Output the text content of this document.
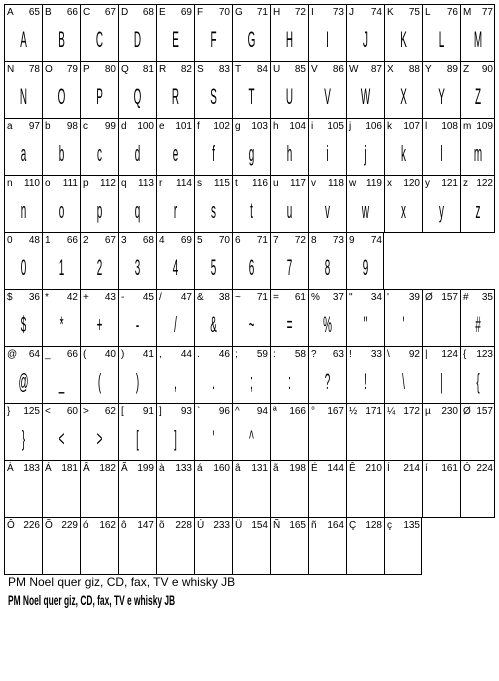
A 65
A
B 66
B
C 67
C
D 68
D
E 69
E
F 70
F
G 71
G
H 72
H
I 73
I
J 74
J
K 75
K
L 76
L
M 77
M
N 78
N
O 79
O
P 80
P
Q 81
Q
R 82
R
S 83
S
T 84
T
U 85
U
V 86
V
W 87
W
X 88
X
Y 89
Y
Z 90
Z
a 97
a
b 98
b
c 99
c
d 100
d
e 101
e
f 102
f
g 103
g
h 104
h
i 105
i
j 106
j
k 107
k
l 108
l
m 109
m
n 110
n
o 111
o
p 112
p
q 113
q
r 114
r
s 115
s
t 116
t
u 117
u
v 118
v
w 119
w
x 120
x
y 121
y
z 122
z
0 48
0
1 66
1
2 67
2
3 68
3
4 69
4
5 70
5
6 71
6
7 72
7
8 73
8
9 74
9
$ 36
$
* 42
*
+ 43
+
- 45
-
/ 47
/
& 38
&
~ 71
~
= 61
=
% 37
%
" 34
"
' 39
'
Ø 157 # 35
#
@ 64
@
_ 66
_
( 40
(
) 41
)
, 44
,
. 46
.
; 59
;
: 58
:
? 63
?
! 33
!
\ 92
\
| 124
|
{ 123
{
} 125
}
< 60
<
> 62
>
[ 91
[
] 93
]
` 96
'
^ 94
^
ª 166 ° 167 ½ 171 ¼ 172 µ 230 Ø 157
À 183 Á 181 Â 182 Ã 199 à 133 á 160 â 131 ã 198 É 144 Ê 210 Í 214 í 161 Ó 224
Ô 226 Õ 229 ó 162 ô 147 õ 228 Ú 233 Ü 154 Ñ 165 ñ 164 Ç 128 ç 135
PM Noel quer giz, CD, fax, TV e whisky JB
PM Noel quer giz, CD, fax, TV e whisky JB
